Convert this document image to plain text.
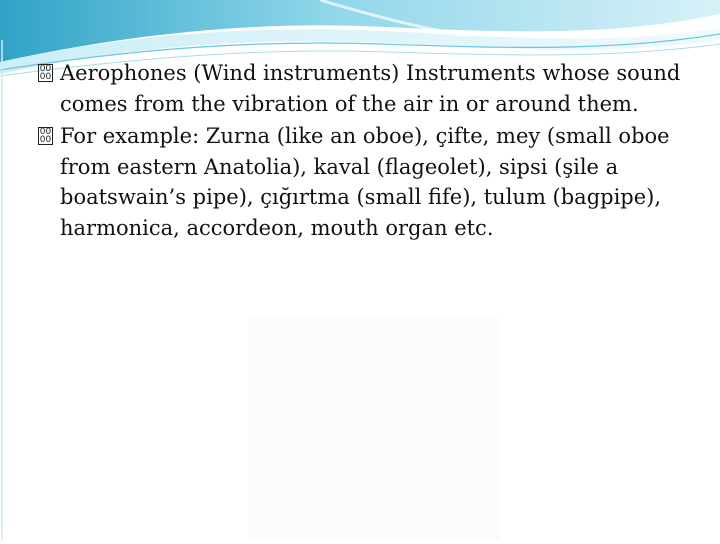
00
00 Aerophones (Wind instruments) Instruments whose sound comes from the vibration of the air in or around them.

00
00 For example: Zurna (like an oboe), çifte, mey (small oboe from eastern Anatolia), kaval (flageolet), sipsi (şile a boatswain’s pipe), çığırtma (small fife), tulum (bagpipe), harmonica, accordeon, mouth organ etc.
